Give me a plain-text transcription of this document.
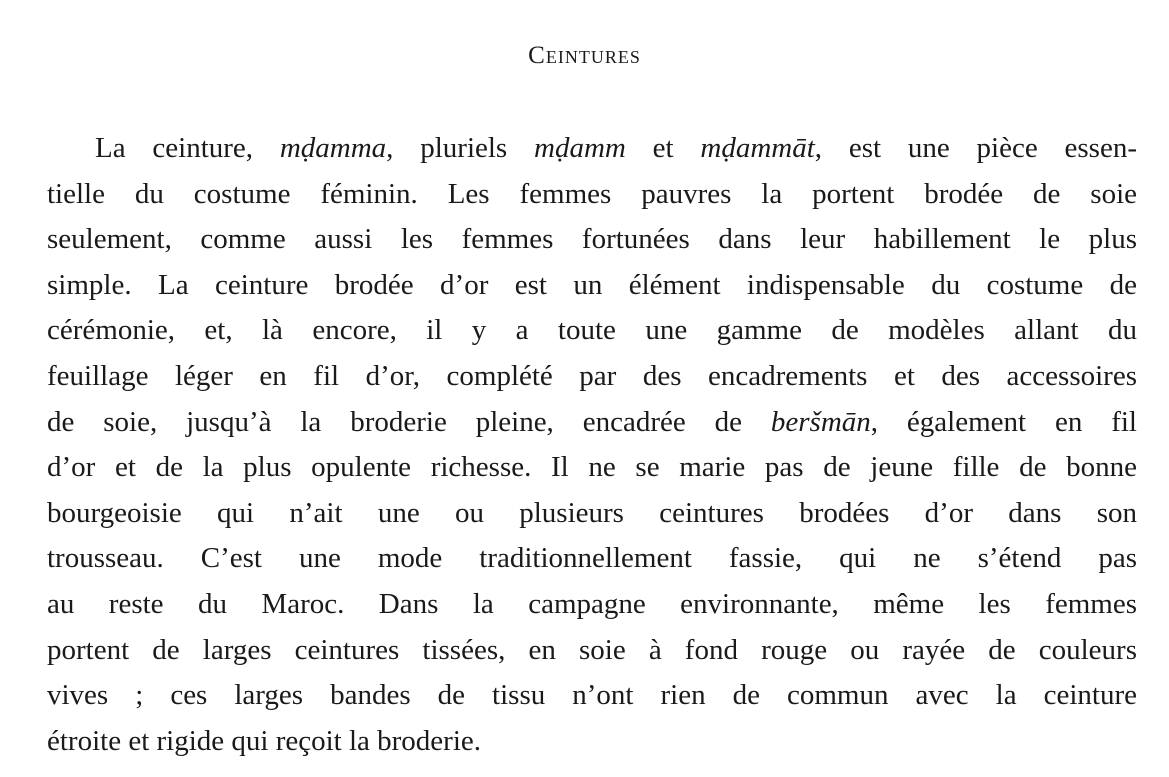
Ceintures
La ceinture, mḍamma, pluriels mḍamm et mḍammāt, est une pièce essen-
tielle du costume féminin. Les femmes pauvres la portent brodée de soie
seulement, comme aussi les femmes fortunées dans leur habillement le plus
simple. La ceinture brodée d’or est un élément indispensable du costume de
cérémonie, et, là encore, il y a toute une gamme de modèles allant du
feuillage léger en fil d’or, complété par des encadrements et des accessoires
de soie, jusqu’à la broderie pleine, encadrée de beršmān, également en fil
d’or et de la plus opulente richesse. Il ne se marie pas de jeune fille de bonne
bourgeoisie qui n’ait une ou plusieurs ceintures brodées d’or dans son
trousseau. C’est une mode traditionnellement fassie, qui ne s’étend pas
au reste du Maroc. Dans la campagne environnante, même les femmes
portent de larges ceintures tissées, en soie à fond rouge ou rayée de couleurs
vives ; ces larges bandes de tissu n’ont rien de commun avec la ceinture
étroite et rigide qui reçoit la broderie.
